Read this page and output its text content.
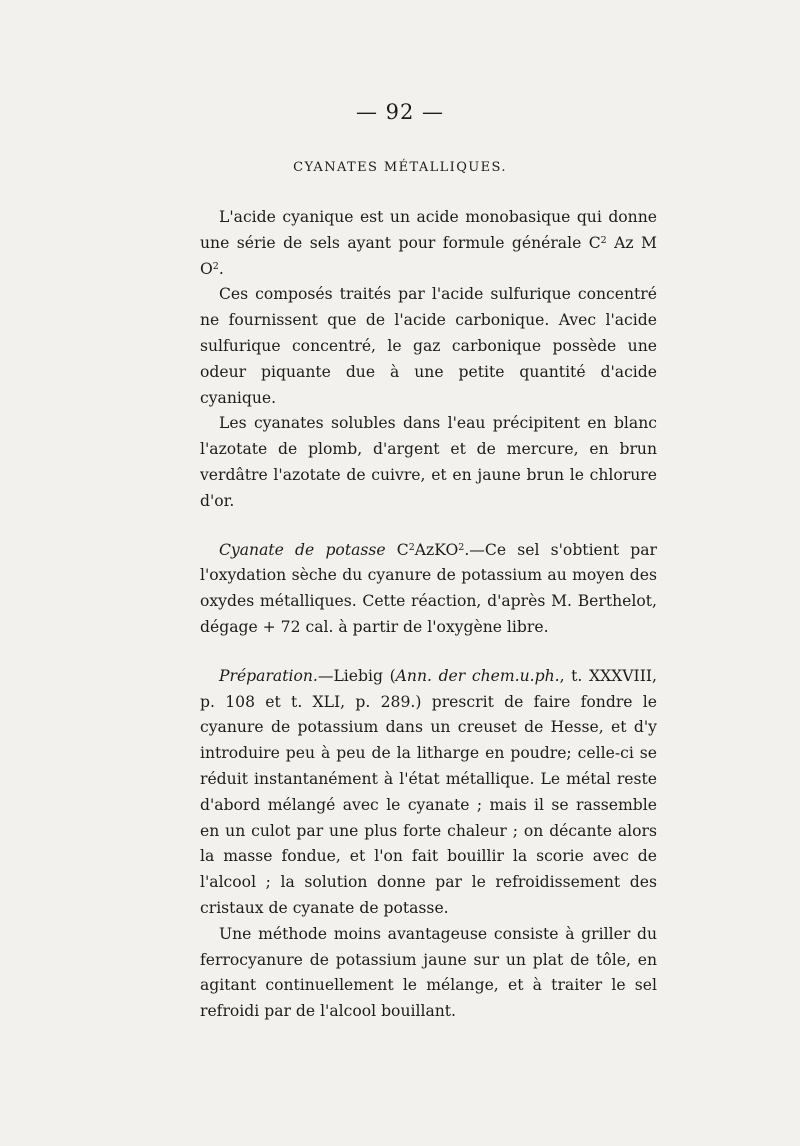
— 92 —
CYANATES MÉTALLIQUES.

L'acide cyanique est un acide monobasique qui donne une série de sels ayant pour formule générale $C^2$ Az M $O^2$.

Ces composés traités par l'acide sulfurique concentré ne fournissent que de l'acide carbonique. Avec l'acide sulfurique concentré, le gaz carbonique possède une odeur piquante due à une petite quantité d'acide cyanique.

Les cyanates solubles dans l'eau précipitent en blanc l'azotate de plomb, d'argent et de mercure, en brun verdâtre l'azotate de cuivre, et en jaune brun le chlorure d'or.

Cyanate de potasse $C^2AzKO^2.—Ce$ sel s'obtient par l'oxydation sèche du cyanure de potassium au moyen des oxydes métalliques. Cette réaction, d'après M. Berthelot, dégage + 72 cal. à partir de l'oxygène libre.

Préparation.—Liebig (Ann. der chem.u.ph., t. XXXVIII, p. 108 et t. XLI, p. 289.) prescrit de faire fondre le cyanure de potassium dans un creuset de Hesse, et d'y introduire peu à peu de la litharge en poudre; celle-ci se réduit instantanément à l'état métallique. Le métal reste d'abord mélangé avec le cyanate ; mais il se rassemble en un culot par une plus forte chaleur ; on décante alors la masse fondue, et l'on fait bouillir la scorie avec de l'alcool ; la solution donne par le refroidissement des cristaux de cyanate de potasse.

Une méthode moins avantageuse consiste à griller du ferrocyanure de potassium jaune sur un plat de tôle, en agitant continuellement le mélange, et à traiter le sel refroidi par de l'alcool bouillant.
